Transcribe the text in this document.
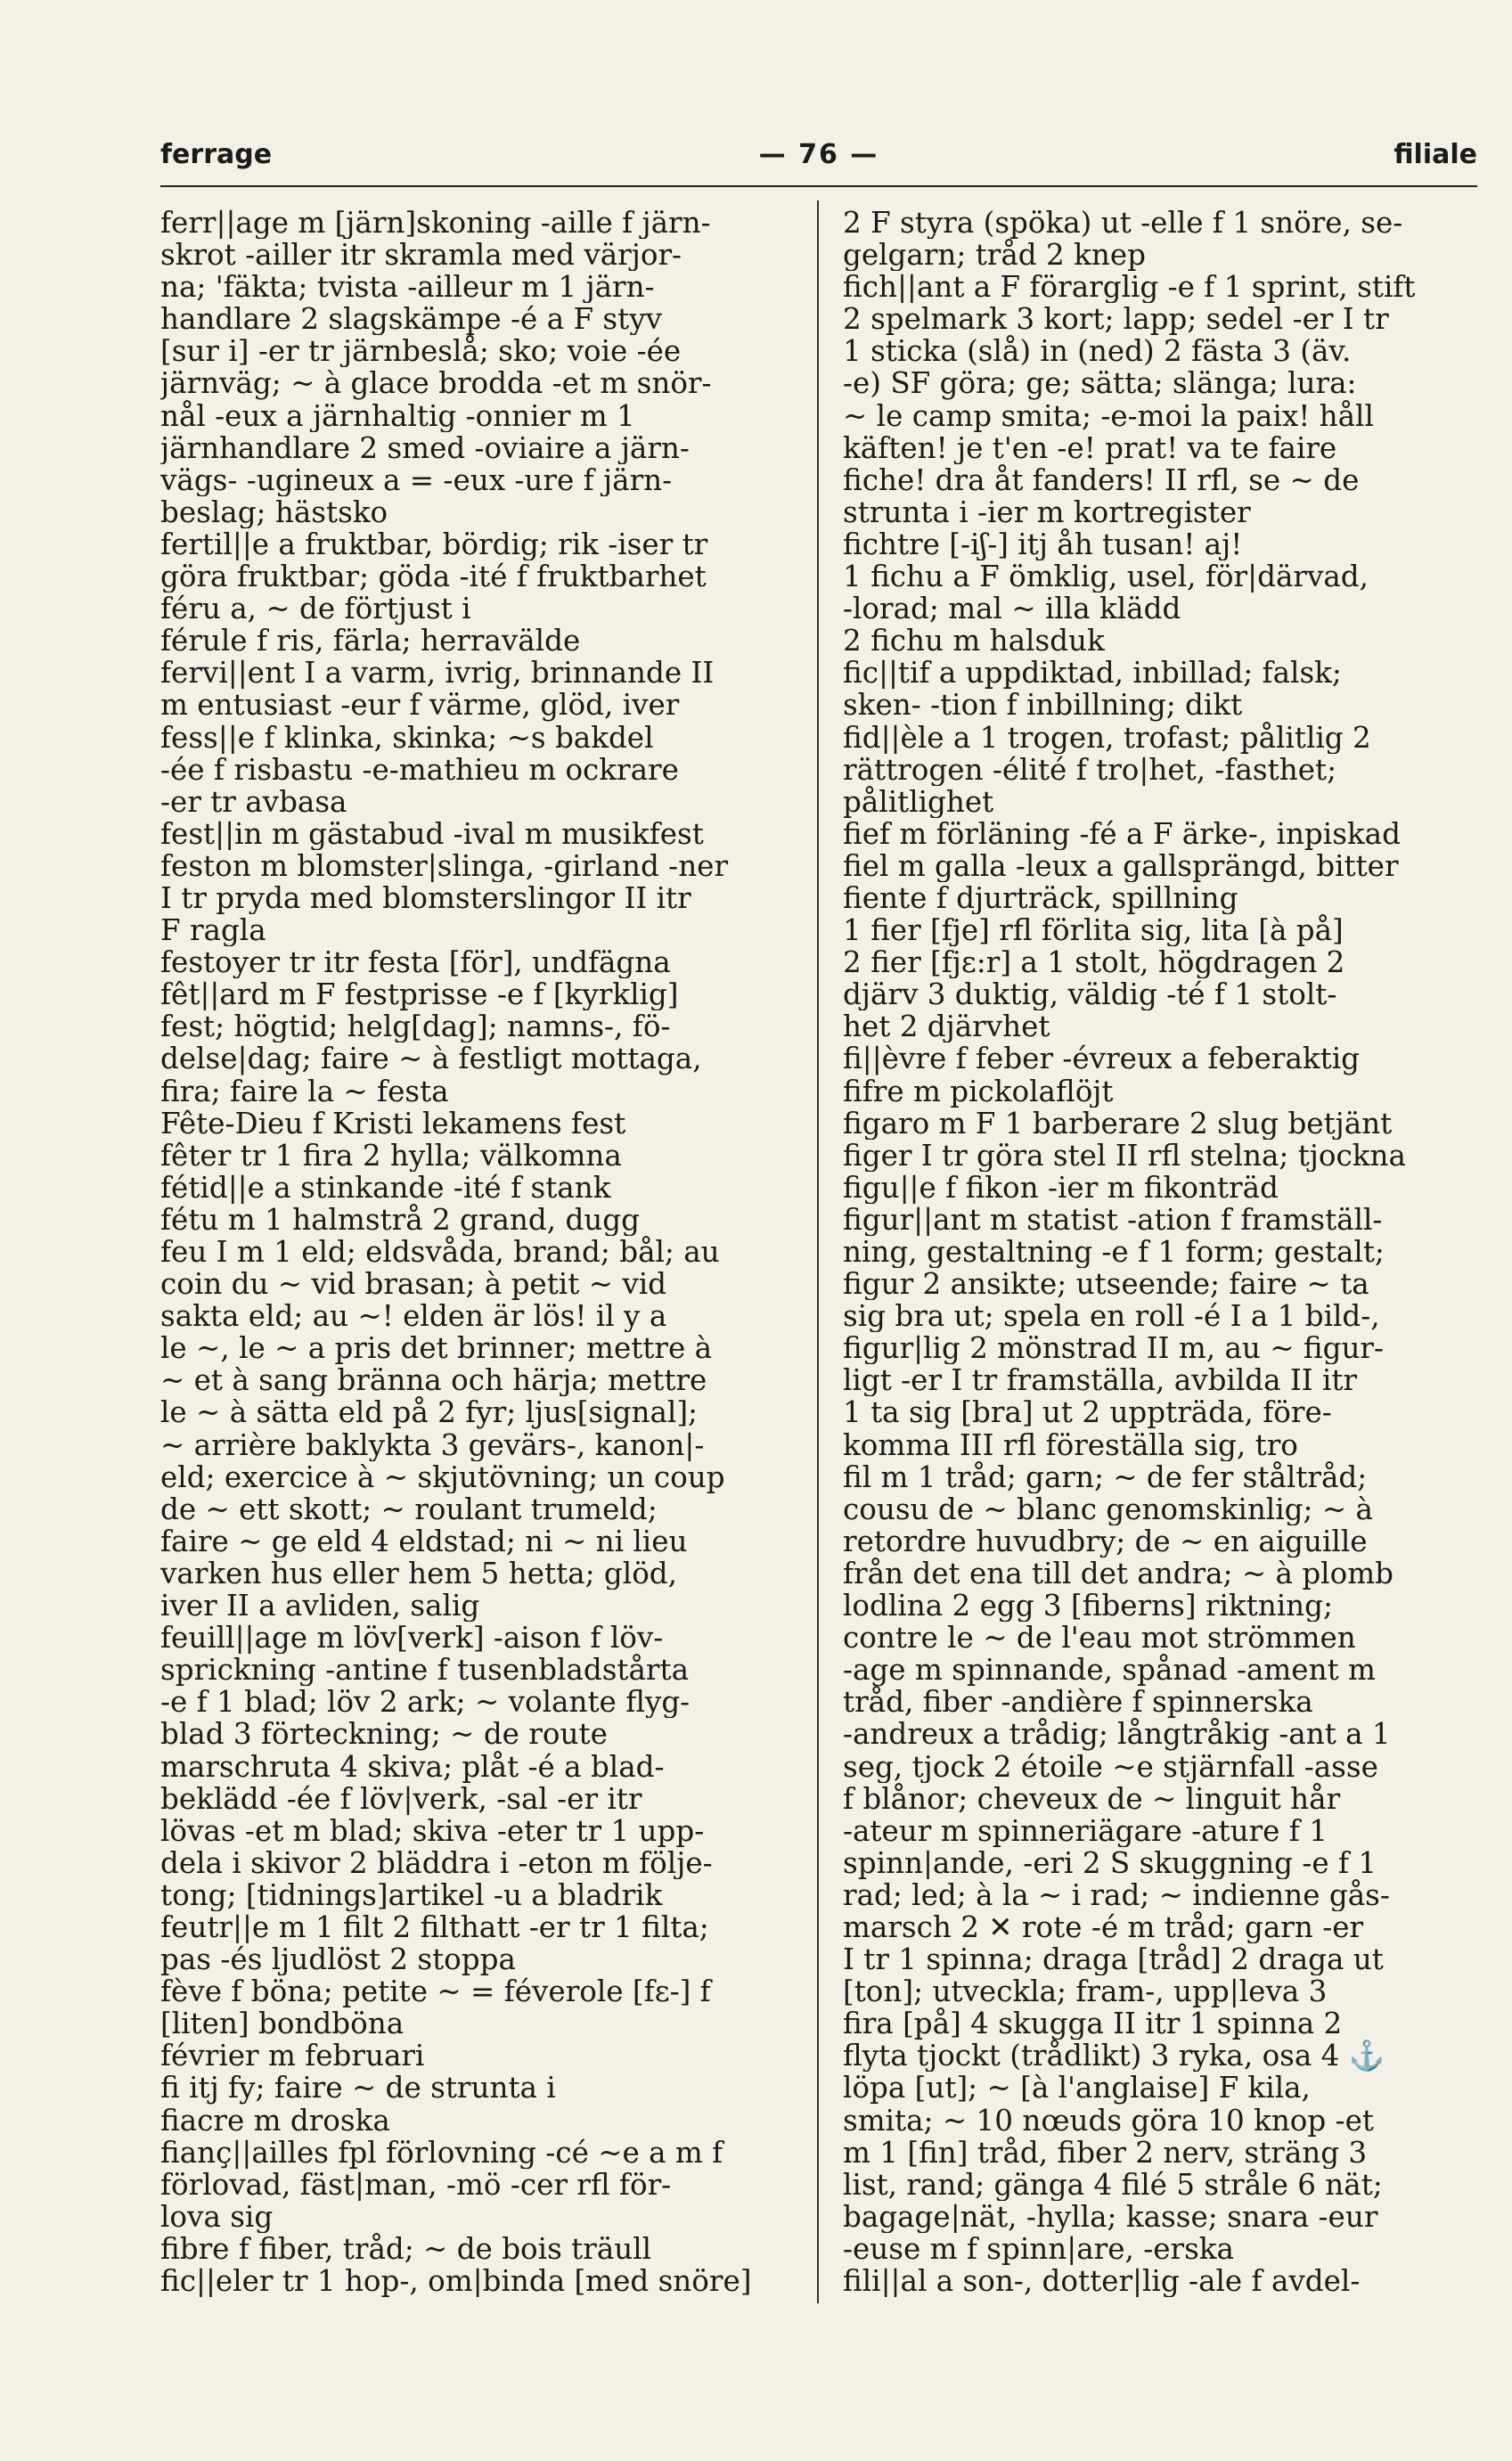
ferrage	— 76 —	filiale
ferr||age m [järn]skoning -aille f järn-
skrot -ailler itr skramla med värjor-
na; 'fäkta; tvista -ailleur m 1 järn-
handlare 2 slagskämpe -é a F styv
[sur i] -er tr järnbeslå; sko; voie -ée
järnväg; ~ à glace brodda -et m snör-
nål -eux a järnhaltig -onnier m 1
järnhandlare 2 smed -oviaire a järn-
vägs- -ugineux a = -eux -ure f järn-
beslag; hästsko
fertil||e a fruktbar, bördig; rik -iser tr
göra fruktbar; göda -ité f fruktbarhet
féru a, ~ de förtjust i
férule f ris, färla; herravälde
fervi||ent I a varm, ivrig, brinnande II
m entusiast -eur f värme, glöd, iver
fess||e f klinka, skinka; ~s bakdel
-ée f risbastu -e-mathieu m ockrare
-er tr avbasa
fest||in m gästabud -ival m musikfest
feston m blomster|slinga, -girland -ner
I tr pryda med blomsterslingor II itr
F ragla
festoyer tr itr festa [för], undfägna
fêt||ard m F festprisse -e f [kyrklig]
fest; högtid; helg[dag]; namns-, fö-
delse|dag; faire ~ à festligt mottaga,
fira; faire la ~ festa
Fête-Dieu f Kristi lekamens fest
fêter tr 1 fira 2 hylla; välkomna
fétid||e a stinkande -ité f stank
fétu m 1 halmstrå 2 grand, dugg
feu I m 1 eld; eldsvåda, brand; bål; au
coin du ~ vid brasan; à petit ~ vid
sakta eld; au ~! elden är lös! il y a
le ~, le ~ a pris det brinner; mettre à
~ et à sang bränna och härja; mettre
le ~ à sätta eld på 2 fyr; ljus[signal];
~ arrière baklykta 3 gevärs-, kanon|-
eld; exercice à ~ skjutövning; un coup
de ~ ett skott; ~ roulant trumeld;
faire ~ ge eld 4 eldstad; ni ~ ni lieu
varken hus eller hem 5 hetta; glöd,
iver II a avliden, salig
feuill||age m löv[verk] -aison f löv-
sprickning -antine f tusenbladstårta
-e f 1 blad; löv 2 ark; ~ volante flyg-
blad 3 förteckning; ~ de route
marschruta 4 skiva; plåt -é a blad-
beklädd -ée f löv|verk, -sal -er itr
lövas -et m blad; skiva -eter tr 1 upp-
dela i skivor 2 bläddra i -eton m följe-
tong; [tidnings]artikel -u a bladrik
feutr||e m 1 filt 2 filthatt -er tr 1 filta;
pas -és ljudlöst 2 stoppa
fève f böna; petite ~ = féverole [fɛ-] f
[liten] bondböna
février m februari
fi itj fy; faire ~ de strunta i
fiacre m droska
fianç||ailles fpl förlovning -cé ~e a m f
förlovad, fäst|man, -mö -cer rfl för-
lova sig
fibre f fiber, tråd; ~ de bois träull
fic||eler tr 1 hop-, om|binda [med snöre]
2 F styra (spöka) ut -elle f 1 snöre, se-
gelgarn; tråd 2 knep
fich||ant a F förarglig -e f 1 sprint, stift
2 spelmark 3 kort; lapp; sedel -er I tr
1 sticka (slå) in (ned) 2 fästa 3 (äv.
-e) SF göra; ge; sätta; slänga; lura:
~ le camp smita; -e-moi la paix! håll
käften! je t'en -e! prat! va te faire
fiche! dra åt fanders! II rfl, se ~ de
strunta i -ier m kortregister
fichtre [-iʃ-] itj åh tusan! aj!
1 fichu a F ömklig, usel, för|därvad,
-lorad; mal ~ illa klädd
2 fichu m halsduk
fic||tif a uppdiktad, inbillad; falsk;
sken- -tion f inbillning; dikt
fid||èle a 1 trogen, trofast; pålitlig 2
rättrogen -élité f tro|het, -fasthet;
pålitlighet
fief m förläning -fé a F ärke-, inpiskad
fiel m galla -leux a gallsprängd, bitter
fiente f djurträck, spillning
1 fier [fje] rfl förlita sig, lita [à på]
2 fier [fjɛ:r] a 1 stolt, högdragen 2
djärv 3 duktig, väldig -té f 1 stolt-
het 2 djärvhet
fi||èvre f feber -évreux a feberaktig
fifre m pickolaflöjt
figaro m F 1 barberare 2 slug betjänt
figer I tr göra stel II rfl stelna; tjockna
figu||e f fikon -ier m fikonträd
figur||ant m statist -ation f framställ-
ning, gestaltning -e f 1 form; gestalt;
figur 2 ansikte; utseende; faire ~ ta
sig bra ut; spela en roll -é I a 1 bild-,
figur|lig 2 mönstrad II m, au ~ figur-
ligt -er I tr framställa, avbilda II itr
1 ta sig [bra] ut 2 uppträda, före-
komma III rfl föreställa sig, tro
fil m 1 tråd; garn; ~ de fer ståltråd;
cousu de ~ blanc genomskinlig; ~ à
retordre huvudbry; de ~ en aiguille
från det ena till det andra; ~ à plomb
lodlina 2 egg 3 [fiberns] riktning;
contre le ~ de l'eau mot strömmen
-age m spinnande, spånad -ament m
tråd, fiber -andière f spinnerska
-andreux a trådig; långtråkig -ant a 1
seg, tjock 2 étoile ~e stjärnfall -asse
f blånor; cheveux de ~ linguit hår
-ateur m spinneriägare -ature f 1
spinn|ande, -eri 2 S skuggning -e f 1
rad; led; à la ~ i rad; ~ indienne gås-
marsch 2 ✕ rote -é m tråd; garn -er
I tr 1 spinna; draga [tråd] 2 draga ut
[ton]; utveckla; fram-, upp|leva 3
fira [på] 4 skugga II itr 1 spinna 2
flyta tjockt (trådlikt) 3 ryka, osa 4 ⚓
löpa [ut]; ~ [à l'anglaise] F kila,
smita; ~ 10 nœuds göra 10 knop -et
m 1 [fin] tråd, fiber 2 nerv, sträng 3
list, rand; gänga 4 filé 5 stråle 6 nät;
bagage|nät, -hylla; kasse; snara -eur
-euse m f spinn|are, -erska
fili||al a son-, dotter|lig -ale f avdel-
